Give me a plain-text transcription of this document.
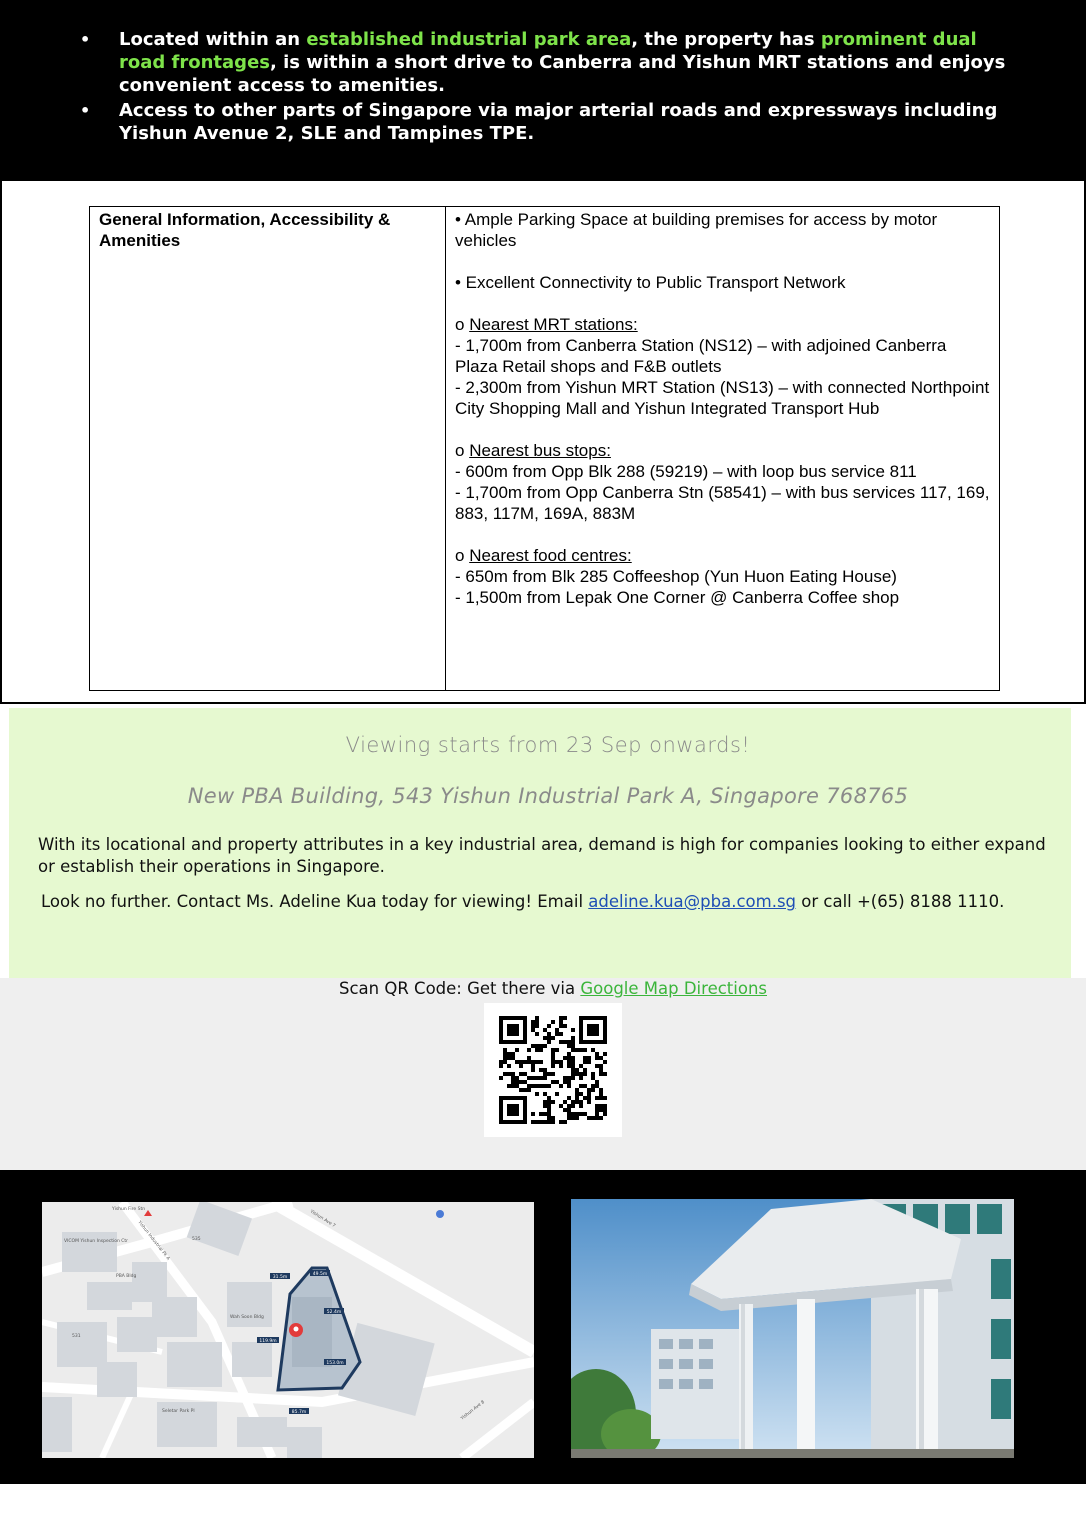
• Located within an established industrial park area, the property has prominent dual road frontages, is within a short drive to Canberra and Yishun MRT stations and enjoys convenient access to amenities.
• Access to other parts of Singapore via major arterial roads and expressways including Yishun Avenue 2, SLE and Tampines TPE.
General Information, Accessibility & Amenities	

• Ample Parking Space at building premises for access by motor vehicles

• Excellent Connectivity to Public Transport Network

o Nearest MRT stations:
- 1,700m from Canberra Station (NS12) – with adjoined Canberra Plaza Retail shops and F&B outlets
- 2,300m from Yishun MRT Station (NS13) – with connected Northpoint City Shopping Mall and Yishun Integrated Transport Hub
o Nearest bus stops:
- 600m from Opp Blk 288 (59219) – with loop bus service 811
- 1,700m from Opp Canberra Stn (58541) – with bus services 117, 169, 883, 117M, 169A, 883M
o Nearest food centres:
- 650m from Blk 285 Coffeeshop (Yun Huon Eating House)
- 1,500m from Lepak One Corner @ Canberra Coffee shop
Viewing starts from 23 Sep onwards!
New PBA Building, 543 Yishun Industrial Park A, Singapore 768765
With its locational and property attributes in a key industrial area, demand is high for companies looking to either expand or establish their operations in Singapore.
Look no further. Contact Ms. Adeline Kua today for viewing! Email adeline.kua@pba.com.sg or call +(65) 8188 1110.
Scan QR Code: Get there via Google Map Directions
31.5m
49.5m
52.4m
119.9m
153.0m
85.7m
Yishun Fire Stn
VICOM Yishun Inspection Ctr
PBA Bldg
Wah Soon Bldg
Seletar Park Pl
535
531
Yishun Ave 7
Yishun Industrial Pk A
Yishun Ave 8
